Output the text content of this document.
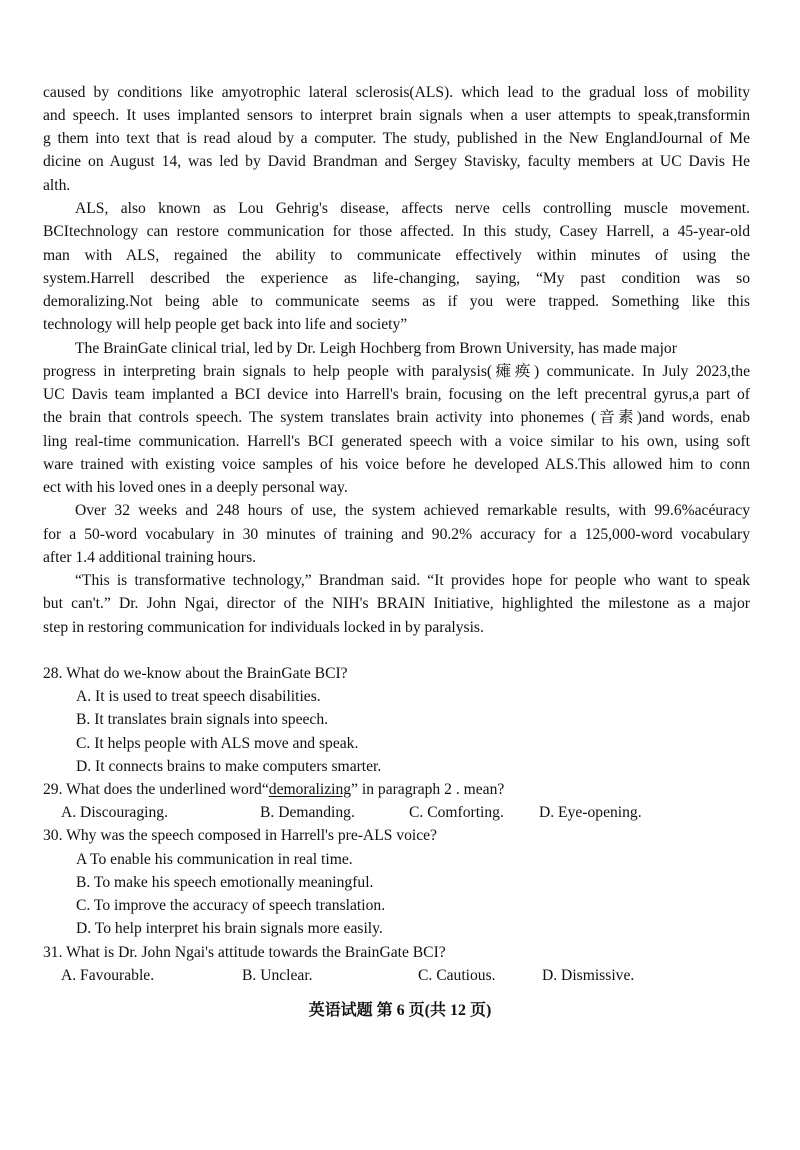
caused by conditions like amyotrophic lateral sclerosis(ALS). which lead to the gradual loss of mobility
and speech. It uses implanted sensors to interpret brain signals when a user attempts to speak,transformin
g them into text that is read aloud by a computer. The study, published in the New EnglandJournal of Me
dicine on August 14, was led by David Brandman and Sergey Stavisky, faculty members at UC Davis He
alth.
ALS, also known as Lou Gehrig's disease, affects nerve cells controlling muscle movement.
BCItechnology can restore communication for those affected. In this study, Casey Harrell, a 45-year-old
man with ALS, regained the ability to communicate effectively within minutes of using the
system.Harrell described the experience as life-changing, saying, “My past condition was so
demoralizing.Not being able to communicate seems as if you were trapped. Something like this
technology will help people get back into life and society”
The BrainGate clinical trial, led by Dr. Leigh Hochberg from Brown University, has made major
progress in interpreting brain signals to help people with paralysis(瘫痪) communicate. In July 2023,the
UC Davis team implanted a BCI device into Harrell's brain, focusing on the left precentral gyrus,a part of
the brain that controls speech. The system translates brain activity into phonemes (音素)and words, enab
ling real-time communication. Harrell's BCI generated speech with a voice similar to his own, using soft
ware trained with existing voice samples of his voice before he developed ALS.This allowed him to conn
ect with his loved ones in a deeply personal way.
Over 32 weeks and 248 hours of use, the system achieved remarkable results, with 99.6%acéuracy
for a 50-word vocabulary in 30 minutes of training and 90.2% accuracy for a 125,000-word vocabulary
after 1.4 additional training hours.
“This is transformative technology,” Brandman said. “It provides hope for people who want to speak
but can't.” Dr. John Ngai, director of the NIH's BRAIN Initiative, highlighted the milestone as a major
step in restoring communication for individuals locked in by paralysis.
28. What do we-know about the BrainGate BCI?
A. It is used to treat speech disabilities.
B. It translates brain signals into speech.
C. It helps people with ALS move and speak.
D. It connects brains to make computers smarter.
29. What does the underlined word“demoralizing” in paragraph 2 . mean?
A. Discouraging.	B. Demanding.	C. Comforting. D. Eye-opening.
30. Why was the speech composed in Harrell's pre-ALS voice?
A To enable his communication in real time.
B. To make his speech emotionally meaningful.
C. To improve the accuracy of speech translation.
D. To help interpret his brain signals more easily.
31. What is Dr. John Ngai's attitude towards the BrainGate BCI?
A. Favourable.	B. Unclear.	C. Cautious.	D. Dismissive.
英语试题 第 6 页(共 12 页)
